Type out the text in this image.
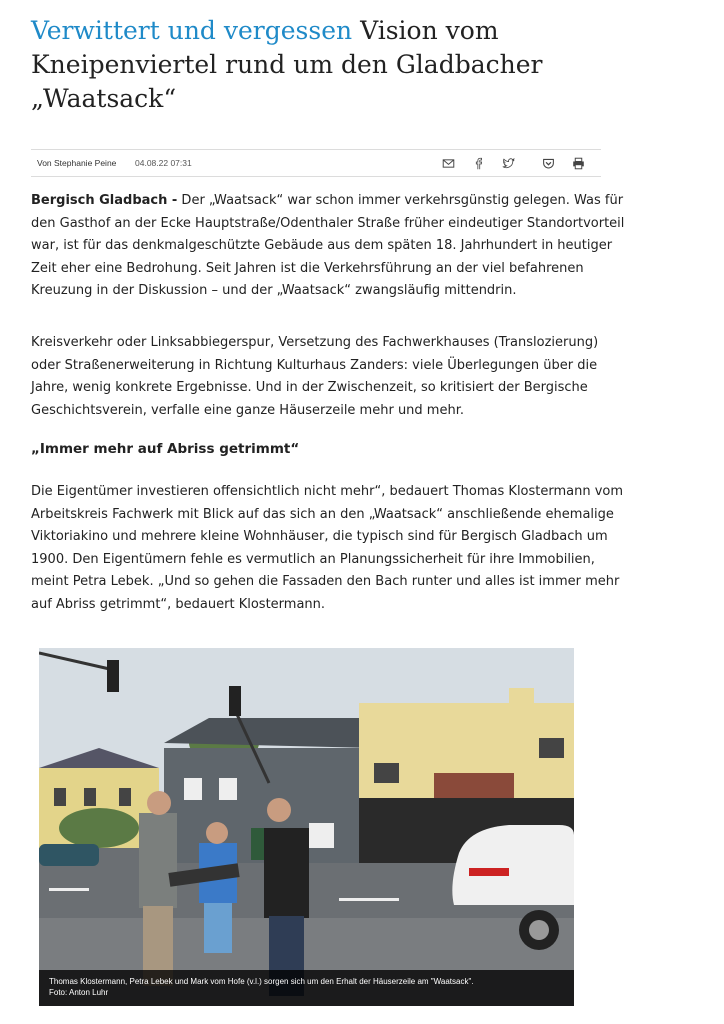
Verwittert und vergessen Vision vom Kneipenviertel rund um den Gladbacher „Waatsack“
Von Stephanie Peine 04.08.22 07:31

Bergisch Gladbach - Der „Waatsack“ war schon immer verkehrsgünstig gelegen. Was für den Gasthof an der Ecke Hauptstraße/Odenthaler Straße früher eindeutiger Standortvorteil war, ist für das denkmalgeschützte Gebäude aus dem späten 18. Jahrhundert in heutiger Zeit eher eine Bedrohung. Seit Jahren ist die Verkehrsführung an der viel befahrenen Kreuzung in der Diskussion – und der „Waatsack“ zwangsläufig mittendrin.

Kreisverkehr oder Linksabbiegerspur, Versetzung des Fachwerkhauses (Translozierung) oder Straßenerweiterung in Richtung Kulturhaus Zanders: viele Überlegungen über die Jahre, wenig konkrete Ergebnisse. Und in der Zwischenzeit, so kritisiert der Bergische Geschichtsverein, verfalle eine ganze Häuserzeile mehr und mehr.

„Immer mehr auf Abriss getrimmt“

Die Eigentümer investieren offensichtlich nicht mehr“, bedauert Thomas Klostermann vom Arbeitskreis Fachwerk mit Blick auf das sich an den „Waatsack“ anschließende ehemalige Viktoriakino und mehrere kleine Wohnhäuser, die typisch sind für Bergisch Gladbach um 1900. Den Eigentümern fehle es vermutlich an Planungssicherheit für ihre Immobilien, meint Petra Lebek. „Und so gehen die Fassaden den Bach runter und alles ist immer mehr auf Abriss getrimmt“, bedauert Klostermann.

Thomas Klostermann, Petra Lebek und Mark vom Hofe (v.l.) sorgen sich um den Erhalt der Häuserzeile am "Waatsack".
Foto: Anton Luhr
